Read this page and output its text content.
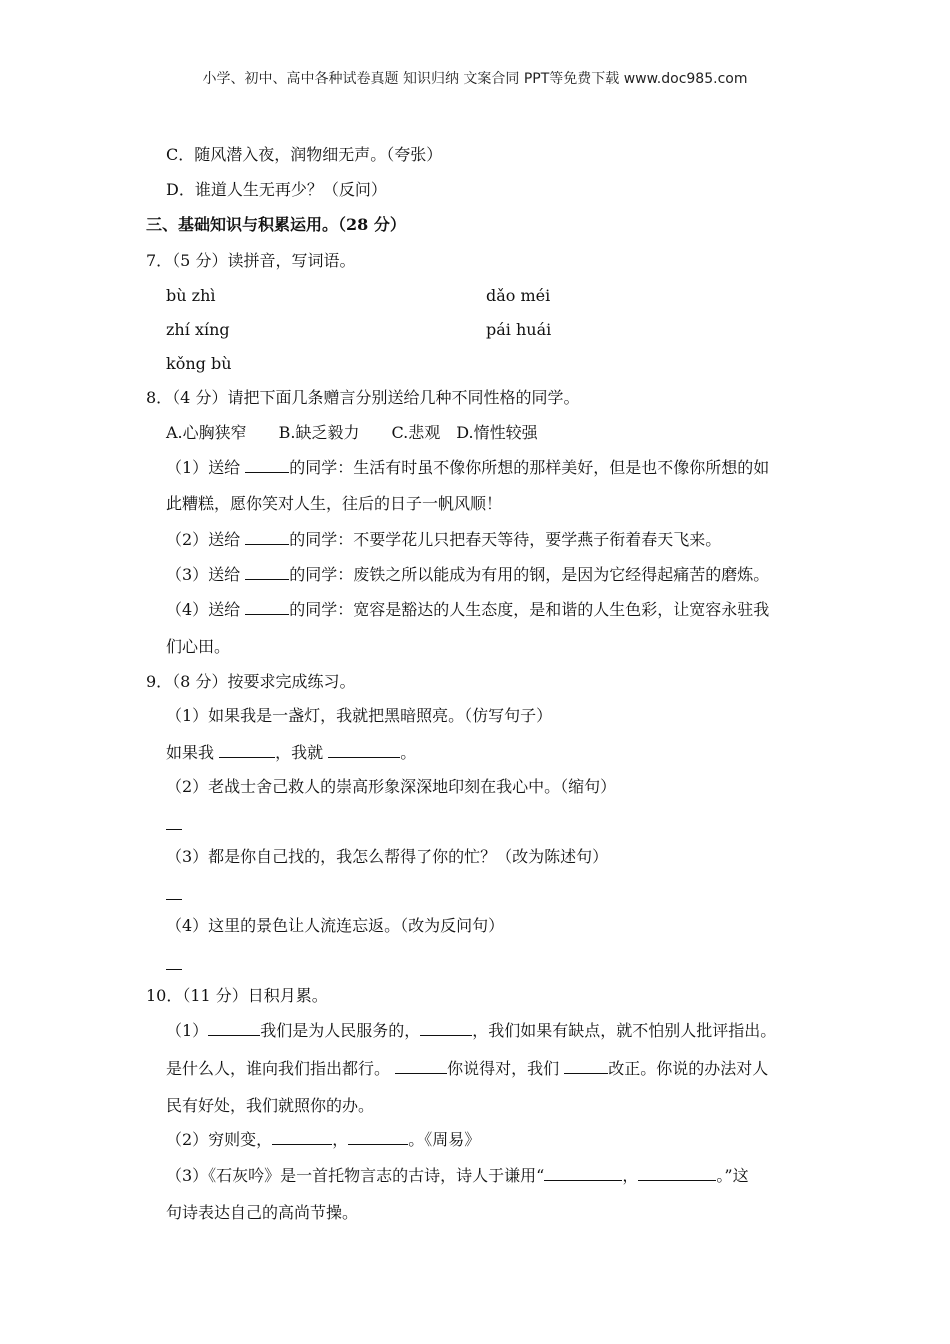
小学、初中、高中各种试卷真题 知识归纳 文案合同 PPT等免费下载 www.doc985.com
C．随风潜入夜，润物细无声。（夸张）
D．谁道人生无再少？（反问）
三、基础知识与积累运用。（28 分）
7．（5 分）读拼音，写词语。
bù zhì	dǎo méi
zhí xíng	pái huái
kǒng bù
8．（4 分）请把下面几条赠言分别送给几种不同性格的同学。
A.心胸狭窄　　B.缺乏毅力　　C.悲观　D.惰性较强
（1）送给	的同学：生活有时虽不像你所想的那样美好，但是也不像你所想的如
此糟糕，愿你笑对人生，往后的日子一帆风顺！
（2）送给	的同学：不要学花儿只把春天等待，要学燕子衔着春天飞来。
（3）送给	的同学：废铁之所以能成为有用的钢，是因为它经得起痛苦的磨炼。
（4）送给	的同学：宽容是豁达的人生态度，是和谐的人生色彩，让宽容永驻我
们心田。
9．（8 分）按要求完成练习。
（1）如果我是一盏灯，我就把黑暗照亮。（仿写句子）
如果我	，我就	。
（2）老战士舍己救人的崇高形象深深地印刻在我心中。（缩句）
（3）都是你自己找的，我怎么帮得了你的忙？（改为陈述句）
（4）这里的景色让人流连忘返。（改为反问句）
10．（11 分）日积月累。
（1）	我们是为人民服务的，	，我们如果有缺点，就不怕别人批评指出。
是什么人，谁向我们指出都行。	你说得对，我们	改正。你说的办法对人
民有好处，我们就照你的办。
（2）穷则变，	，	。《周易》
（3）《石灰吟》是一首托物言志的古诗，诗人于谦用“	，	。”这
句诗表达自己的高尚节操。
